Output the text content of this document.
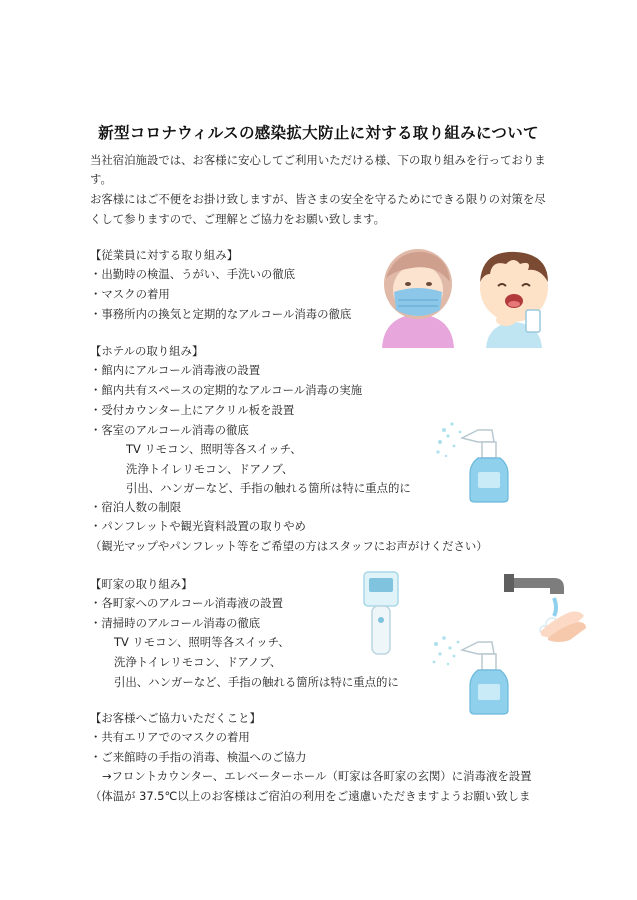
新型コロナウィルスの感染拡大防止に対する取り組みについて
当社宿泊施設では、お客様に安心してご利用いただける様、下の取り組みを行っておりま
す。
お客様にはご不便をお掛け致しますが、皆さまの安全を守るためにできる限りの対策を尽
くして参りますので、ご理解とご協力をお願い致します。
【従業員に対する取り組み】
・出勤時の検温、うがい、手洗いの徹底
・マスクの着用
・事務所内の換気と定期的なアルコール消毒の徹底
【ホテルの取り組み】
・館内にアルコール消毒液の設置
・館内共有スペースの定期的なアルコール消毒の実施
・受付カウンター上にアクリル板を設置
・客室のアルコール消毒の徹底
TV リモコン、照明等各スイッチ、
洗浄トイレリモコン、ドアノブ、
引出、ハンガーなど、手指の触れる箇所は特に重点的に
・宿泊人数の制限
・パンフレットや観光資料設置の取りやめ
（観光マップやパンフレット等をご希望の方はスタッフにお声がけください）
【町家の取り組み】
・各町家へのアルコール消毒液の設置
・清掃時のアルコール消毒の徹底
TV リモコン、照明等各スイッチ、
洗浄トイレリモコン、ドアノブ、
引出、ハンガーなど、手指の触れる箇所は特に重点的に
【お客様へご協力いただくこと】
・共有エリアでのマスクの着用
・ご来館時の手指の消毒、検温へのご協力
→フロントカウンター、エレベーターホール（町家は各町家の玄関）に消毒液を設置
（体温が 37.5℃以上のお客様はご宿泊の利用をご遠慮いただきますようお願い致しま
